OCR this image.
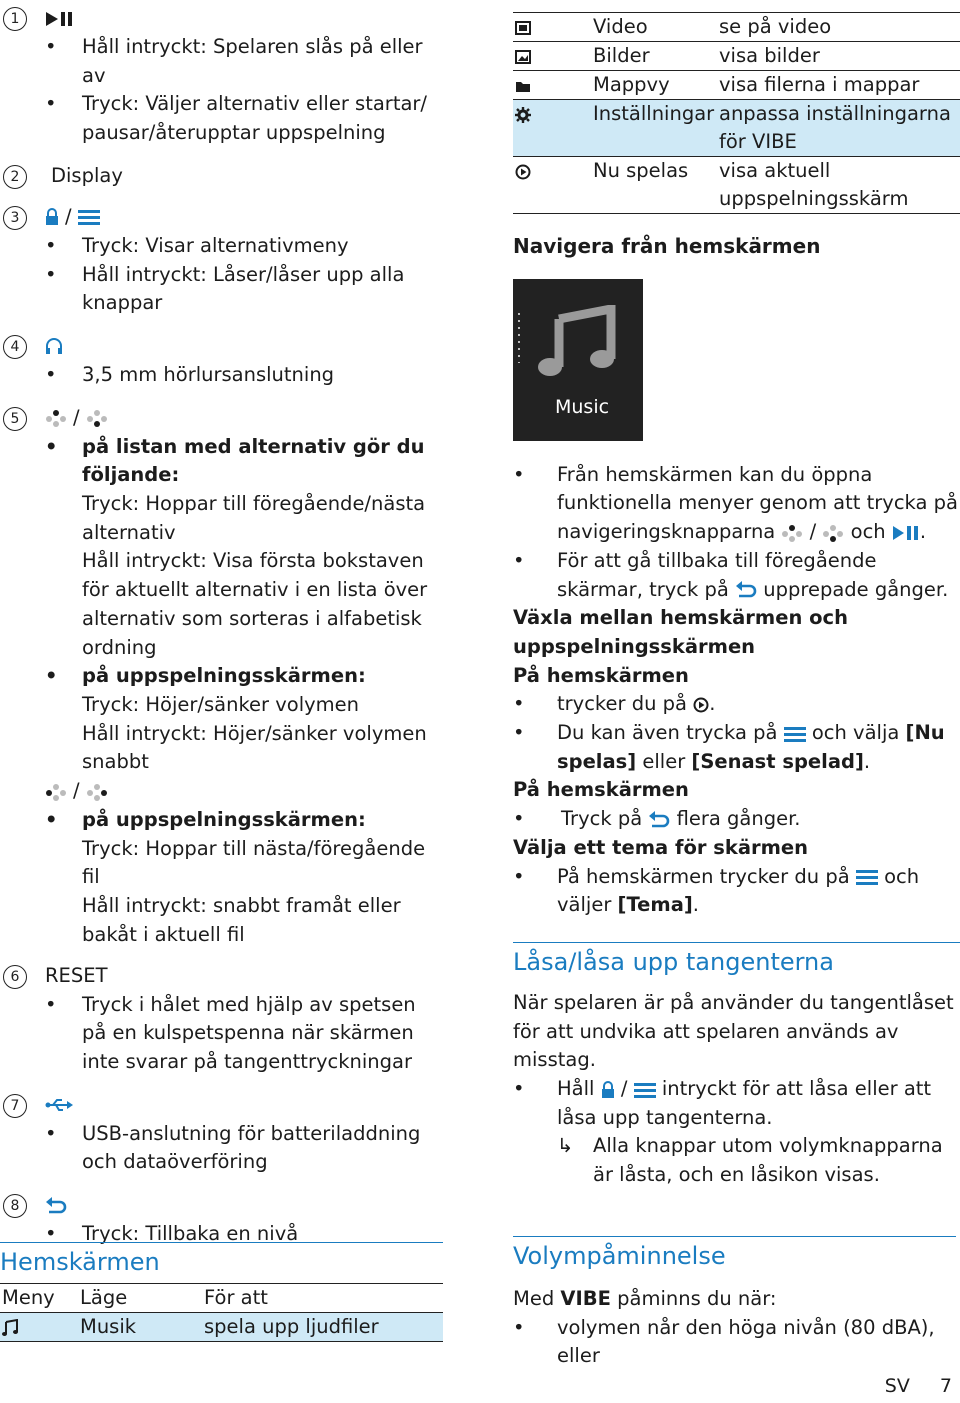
1
• Håll intryckt: Spelaren slås på eller av
• Tryck: Väljer alternativ eller startar/ pausar/återupptar uppspelning
2	Display
3	/
• Tryck: Visar alternativmeny
• Håll intryckt: Låser/låser upp alla knappar
4
• 3,5 mm hörlursanslutning
5	/
• på listan med alternativ gör du följande:
Tryck: Hoppar till föregående/nästa alternativ
Håll intryckt: Visa första bokstaven för aktuellt alternativ i en lista över alternativ som sorteras i alfabetisk ordning
• på uppspelningsskärmen:
Tryck: Höjer/sänker volymen
Håll intryckt: Höjer/sänker volymen snabbt
/
• på uppspelningsskärmen:
Tryck: Hoppar till nästa/föregående fil
Håll intryckt: snabbt framåt eller bakåt i aktuell fil
6	RESET
• Tryck i hålet med hjälp av spetsen på en kulspetspenna när skärmen inte svarar på tangenttryckningar
7
• USB-anslutning för batteriladdning och dataöverföring
8
• Tryck: Tillbaka en nivå
Hemskärmen
Meny	Läge	För att
	Musik	spela upp ljudfiler
	Video	se på video
	Bilder	visa bilder
	Mappvy	visa filerna i mappar
	Inställningar	anpassa inställningarna för VIBE
	Nu spelas	visa aktuell uppspelningsskärm
Navigera från hemskärmen
Music
• Från hemskärmen kan du öppna funktionella menyer genom att trycka på navigeringsknapparna / och .
• För att gå tillbaka till föregående skärmar, tryck på upprepade gånger.
Växla mellan hemskärmen och uppspelningsskärmen
På hemskärmen
• trycker du på .
• Du kan även trycka på och välja [Nu spelas] eller [Senast spelad].
På hemskärmen
• Tryck på flera gånger.
Välja ett tema för skärmen
• På hemskärmen trycker du på och väljer [Tema].
Låsa/låsa upp tangenterna
När spelaren är på använder du tangentlåset för att undvika att spelaren används av misstag.
• Håll  /  intryckt för att låsa eller att låsa upp tangenterna.
↳ Alla knappar utom volymknapparna är låsta, och en låsikon visas.
Volympåminnelse
Med VIBE påminns du när:
• volymen når den höga nivån (80 dBA), eller
SV 7
